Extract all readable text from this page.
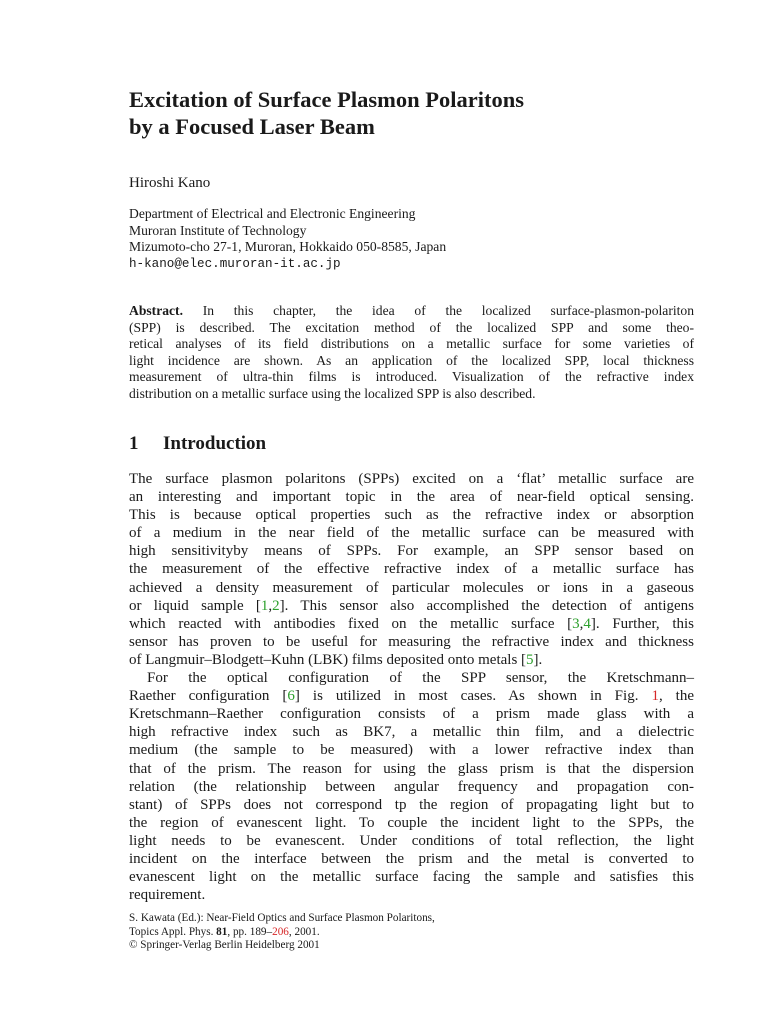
Excitation of Surface Plasmon Polaritons
by a Focused Laser Beam
Hiroshi Kano
Department of Electrical and Electronic Engineering
Muroran Institute of Technology
Mizumoto-cho 27-1, Muroran, Hokkaido 050-8585, Japan
h-kano@elec.muroran-it.ac.jp
Abstract. In this chapter, the idea of the localized surface-plasmon-polariton
(SPP) is described. The excitation method of the localized SPP and some theo-
retical analyses of its field distributions on a metallic surface for some varieties of
light incidence are shown. As an application of the localized SPP, local thickness
measurement of ultra-thin films is introduced. Visualization of the refractive index
distribution on a metallic surface using the localized SPP is also described.
1 Introduction
The surface plasmon polaritons (SPPs) excited on a ‘flat’ metallic surface are
an interesting and important topic in the area of near-field optical sensing.
This is because optical properties such as the refractive index or absorption
of a medium in the near field of the metallic surface can be measured with
high sensitivityby means of SPPs. For example, an SPP sensor based on
the measurement of the effective refractive index of a metallic surface has
achieved a density measurement of particular molecules or ions in a gaseous
or liquid sample [1,2]. This sensor also accomplished the detection of antigens
which reacted with antibodies fixed on the metallic surface [3,4]. Further, this
sensor has proven to be useful for measuring the refractive index and thickness
of Langmuir–Blodgett–Kuhn (LBK) films deposited onto metals [5].
For the optical configuration of the SPP sensor, the Kretschmann–
Raether configuration [6] is utilized in most cases. As shown in Fig. 1, the
Kretschmann–Raether configuration consists of a prism made glass with a
high refractive index such as BK7, a metallic thin film, and a dielectric
medium (the sample to be measured) with a lower refractive index than
that of the prism. The reason for using the glass prism is that the dispersion
relation (the relationship between angular frequency and propagation con-
stant) of SPPs does not correspond tp the region of propagating light but to
the region of evanescent light. To couple the incident light to the SPPs, the
light needs to be evanescent. Under conditions of total reflection, the light
incident on the interface between the prism and the metal is converted to
evanescent light on the metallic surface facing the sample and satisfies this
requirement.
S. Kawata (Ed.): Near-Field Optics and Surface Plasmon Polaritons,
Topics Appl. Phys. 81, pp. 189–206, 2001.
© Springer-Verlag Berlin Heidelberg 2001
